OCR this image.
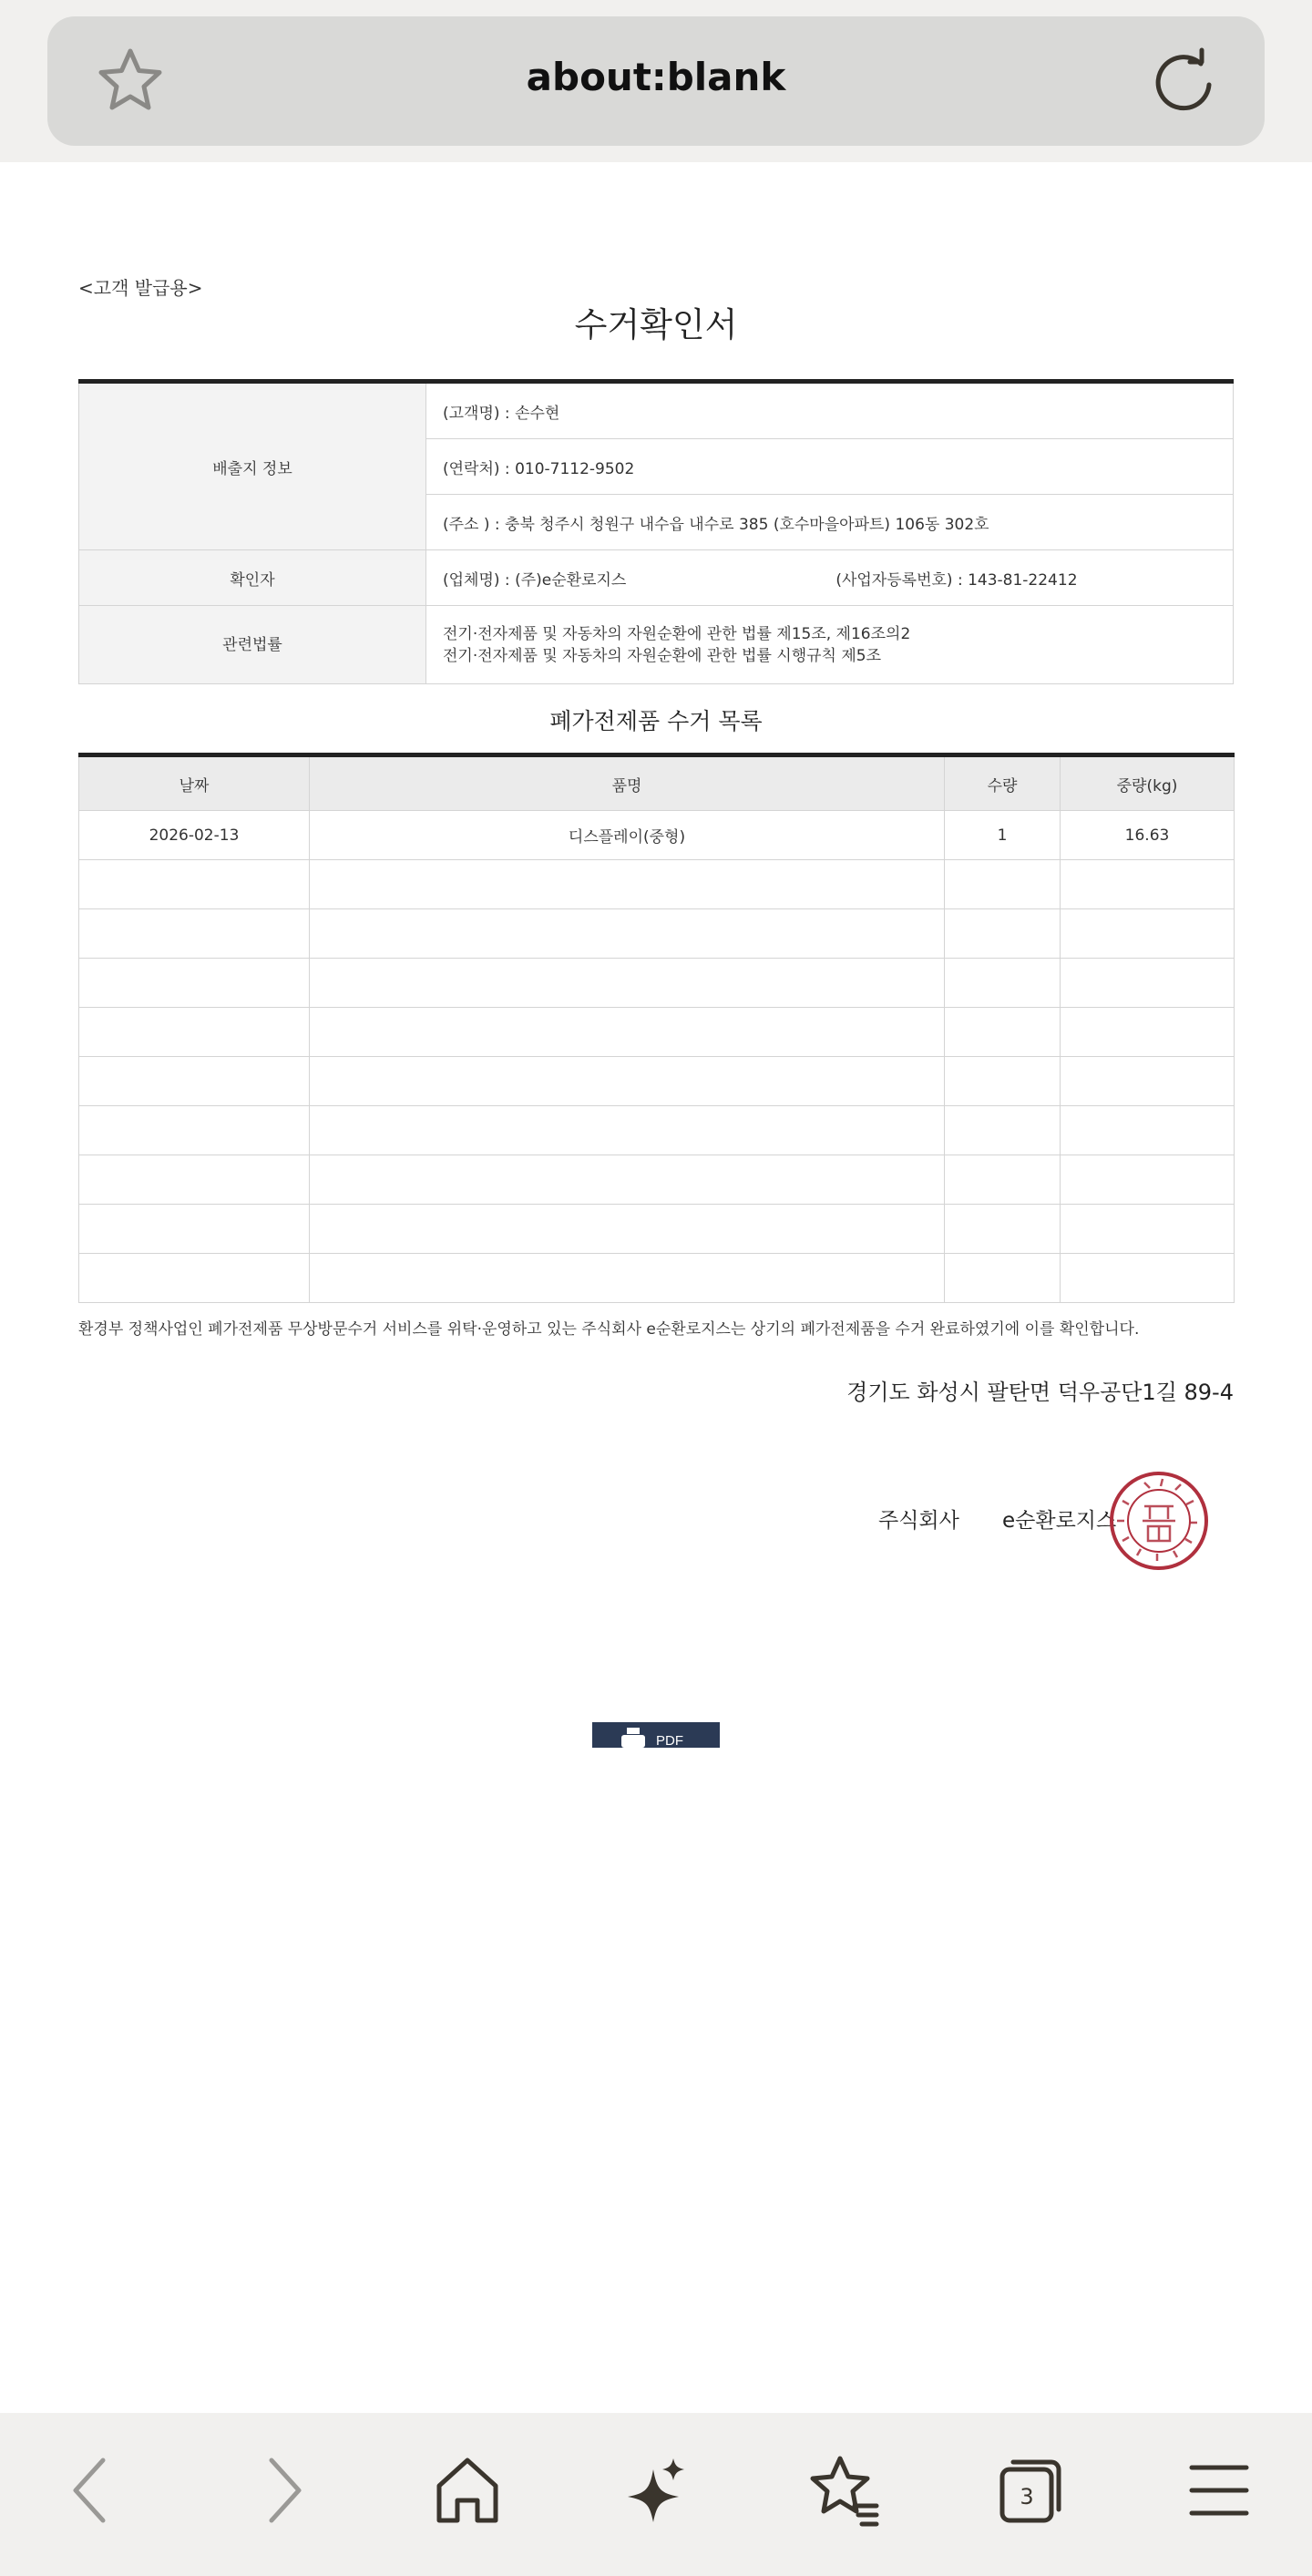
about:blank
<고객 발급용>
수거확인서
배출지 정보	(고객명) : 손수현
	(연락처) : 010-7112-9502
	(주소 ) : 충북 청주시 청원구 내수읍 내수로 385 (호수마을아파트) 106동 302호
확인자	(업체명) : (주)e순환로지스 (사업자등록번호) : 143-81-22412
관련법률	전기·전자제품 및 자동차의 자원순환에 관한 법률 제15조, 제16조의2
전기·전자제품 및 자동차의 자원순환에 관한 법률 시행규칙 제5조
폐가전제품 수거 목록
날짜	품명	수량	중량(kg)
2026-02-13	디스플레이(중형)	1	16.63

환경부 정책사업인 폐가전제품 무상방문수거 서비스를 위탁·운영하고 있는 주식회사 e순환로지스는 상기의 폐가전제품을 수거 완료하였기에 이를 확인합니다.
경기도 화성시 팔탄면 덕우공단1길 89-4
주식회사 e순환로지스
PDF
3
